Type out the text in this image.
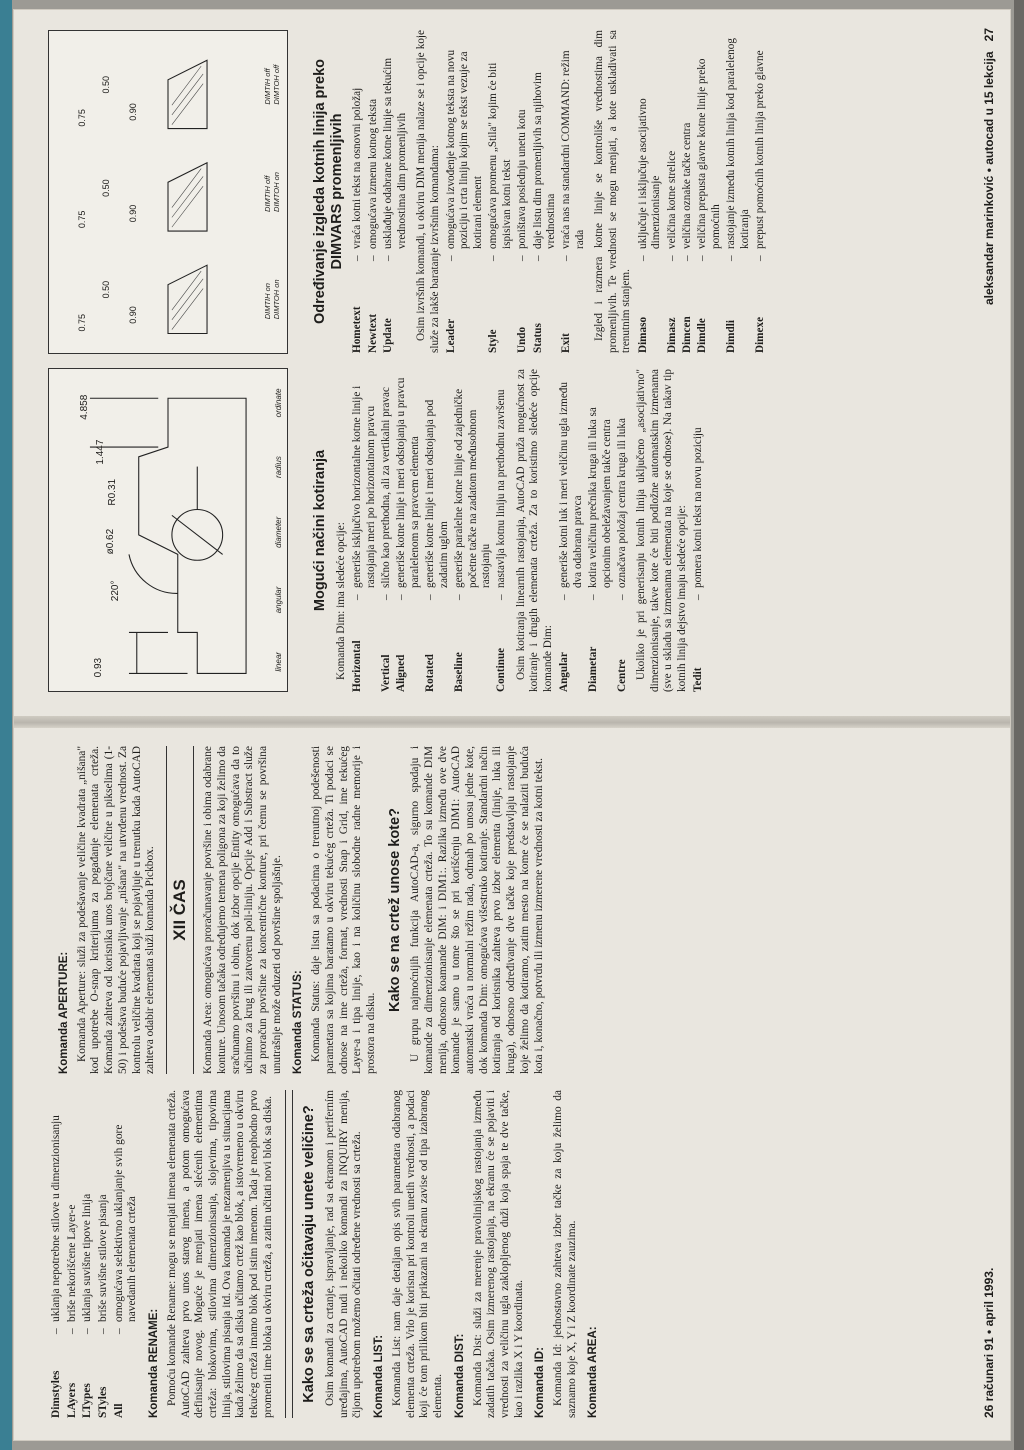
Dimstyles
–
uklanja nepotrebne stilove u dimenzionisanju
LAyers
–
briše nekorišćene Layer-e
LTypes
–
uklanja suvišne tipove linija
STyles
–
briše suvišne stilove pisanja
All
–
omogućava selektivno uklanjanje svih gore navedanih elemenata crteža
Komanda RENAME: Pomoću komande Rename: mogu se menjati imena elemenata crteža. AutoCAD zahteva prvo unos starog imena, a potom omogućava definisanje novog. Moguće je menjati imena slećenih elementima crteža: blokovima, stilovima dimenzionisanja, slojevima, tipovima linija, stilovima pisanja itd. Ova komanda je nezamenjiva u situacijama kada želimo da sa diska učitamo crtež kao blok, a istovremeno u okviru tekućeg crteža imamo blok pod istim imenom. Tada je neophodno prvo promeniti ime bloka u okviru crteža, a zatim učitati novi blok sa diska. Kako se sa crteža očitavaju unete veličine? Osim komandi za crtanje, ispravljanje, rad sa ekranom i periferním uređajima, AutoCAD nudi i nekoliko komandi za INQUIRY menija, čijom upotrebom možemo očitati određene vrednosti sa crteža. Komanda LIST: Komanda List: nam daje detaljan opis svih parametara odabranog elementa crteža. Vrlo je korisna pri kontroli unetih vrednosti, a podaci koji će tom prilikom biti prikazani na ekranu zavise od tipa izabranog elementa. Komanda DIST: Komanda Dist: služi za merenje pravolinijskog rastojanja između zadatih tačaka. Osim izmerenog rastojanja, na ekranu će se pojaviti i vrednosti za veličinu ugla zaklopljenog duži koja spaja te dve tačke, kao i razlika X i Y koordinata. Komanda ID: Komanda Id: jednostavno zahteva izbor tačke za koju želimo da saznamo koje X, Y i Z koordinate zauzima. Komanda AREA:
Komanda APERTURE: Komanda Aperture: služi za podešavanje veličine kvadrata „nišana" kod upotrebe O-snap kriterijuma za pogađanje elemenata crteža. Komanda zahteva od korisnika unos brojčane veličine u pikselima (1-50) i podešava buduće pojavljivanje „nišana" na utvrđenu vrednost. Za kontrolu veličine kvadrata koji se pojavljuje u trenutku kada AutoCAD zahteva odabir elemenata služi komanda Pickbox. XII ČAS	Komanda Area: omogućava proračunavanje površine i obima odabrane konture. Unosom tačaka određujemo temena poligona za koji želimo da sračunamo površinu i obim, dok izbor opcije Entity omogućava da to učinimo za krug ili zatvorenu poli-liniju. Opcije Add i Substract služe za proračun površine za koncentrične konture, pri čemu se površina unutrašnje može oduzeti od površine spoljašnje. Komanda STATUS: Komanda Status: daje listu sa podacima o trenutnoj podešenosti parametara sa kojima baratamo u okviru tekućeg crteža. Ti podaci se odnose na ime crteža, format, vrednosti Snap i Grid, ime tekućeg Layer-a i tipa linije, kao i na količinu slobodne radne memorije i prostora na disku.

Kako se na crtež unose kote? U grupu najmoćnijih funkcija AutoCAD-a, sigurno spadaju i komande za dimenzionisanje elemenata crteža. To su komande DIM menija, odnosno koamande DIM: i DIM1:. Razlika između ove dve komande je samo u tome što se pri korišćenju DIM1: AutoCAD automatski vraća u normalni režim rada, odmah po unosu jedne kote, dok komanda Dim: omogućava višestruko kotiranje. Standardni način kotiranja od korisnika zahteva prvo izbor elementa (linije, luka ili kruga), odnosno određivanje dve tačke koje predstavljaju rastojanje koje želimo da kotiramo, zatim mesto na kome će se nalaziti buduća kota i, konačno, potvrdu ili izmenu izmerene vrednosti za kotni tekst.

26 računari 91 • april 1993.
0.93
220°
ø0.62
R0.31
1.447
4.858
linear
angular
diameter
radius
ordinate
0.75
0.50
0.90
0.75
0.50
0.90
0.75
0.50
0.90
DIMTIH on
DIMTOH on
DIMTIH off
DIMTOH on
DIMTIH off
DIMTOH off
Mogući načini kotiranja Komanda Dim: ima sledeće opcije: Horizontal
–
generiše isključivo horizontalne kotne linije i rastojanja meri po horizontalnom pravcu
Vertical
–
slično kao prethodna, ali za vertikalni pravac
Aligned
–
generiše kotne linije i meri odstojanja u pravcu paralelenom sa pravcem elementa
Rotated
–
generiše kotne linije i meri odstojanja pod zadatim uglom
Baseline
–
generiše paralelne kotne linije od zajedničke početne tačke na zadatom međusobnom rastojanju
Continue
–
nastavlja kotnu liniju na prethodnu završenu Osim kotiranja linearnih rastojanja, AutoCAD pruža mogućnost za kotiranje i drugih elemenata crteža. Za to koristimo sledeće opcije komande Dim: Angular
–
generiše kotni luk i meri veličinu ugla između dva odabrana pravca
Diametar
–
kotira veličinu prečnika kruga ili luka sa opcionim obeležavanjem takče centra
Centre
–
označava položaj centra kruga ili luka Ukoliko je pri generisanju kotnih linija uključeno „asocijativno" dimenzionisanje, takve kote će biti podložne automatskim izmenama (sve u skladu sa izmenama elemenata na koje se odnose). Na takav tip kotnih linija dejstvo imaju sledeće opcije: Tedit
–
pomera kotni tekst na novu poziciju
Određivanje izgleda kotnih linija preko DIMVARS promenljivih
Hometext
–
vraća kotni tekst na osnovni položaj
Newtext
–
omogućava izmenu kotnog teksta
Update
–
usklađuje odabrane kotne linije sa tekućim vrednostima dim promenljivih Osim izvršnih komandi, u okviru DIM menija nalaze se i opcije koje služe za lakše baratanje izvršnim komandama: Leader
–
omogućava izvođenje kotnog teksta na novu poziciju i crta liniju kojim se tekst vezuje za kotirani element
Style
–
omogućava promenu „Stila" kojim će biti ispisivan kotni tekst
Undo
–
poništava poslednju unetu kotu
Status
–
daje listu dim promenljivih sa njihovim vrednostima
Exit
–
vraća nas na standardni COMMAND: režim rada Izgled i razmera kotne linije se kontroliše vrednostima dim promenljivih. Te vrednosti se mogu menjati, a kote uskladivati sa trenutnim stanjem. Dimaso
–
uključuje i isključuje asocijativno dimenzionisanje
Dimasz
–
veličina kotne strelice
Dimcen
–
veličina oznake tačke centra
Dimdle
–
veličina prepusta glavne kotne linije preko pomoćnih
Dimdli
–
rastojanje između kotnih linija kod paralelenog kotiranja
Dimexe
–
prepust pomoćnih kotnih linija preko glavne	aleksandar marinković • autocad u 15 lekcija   27
